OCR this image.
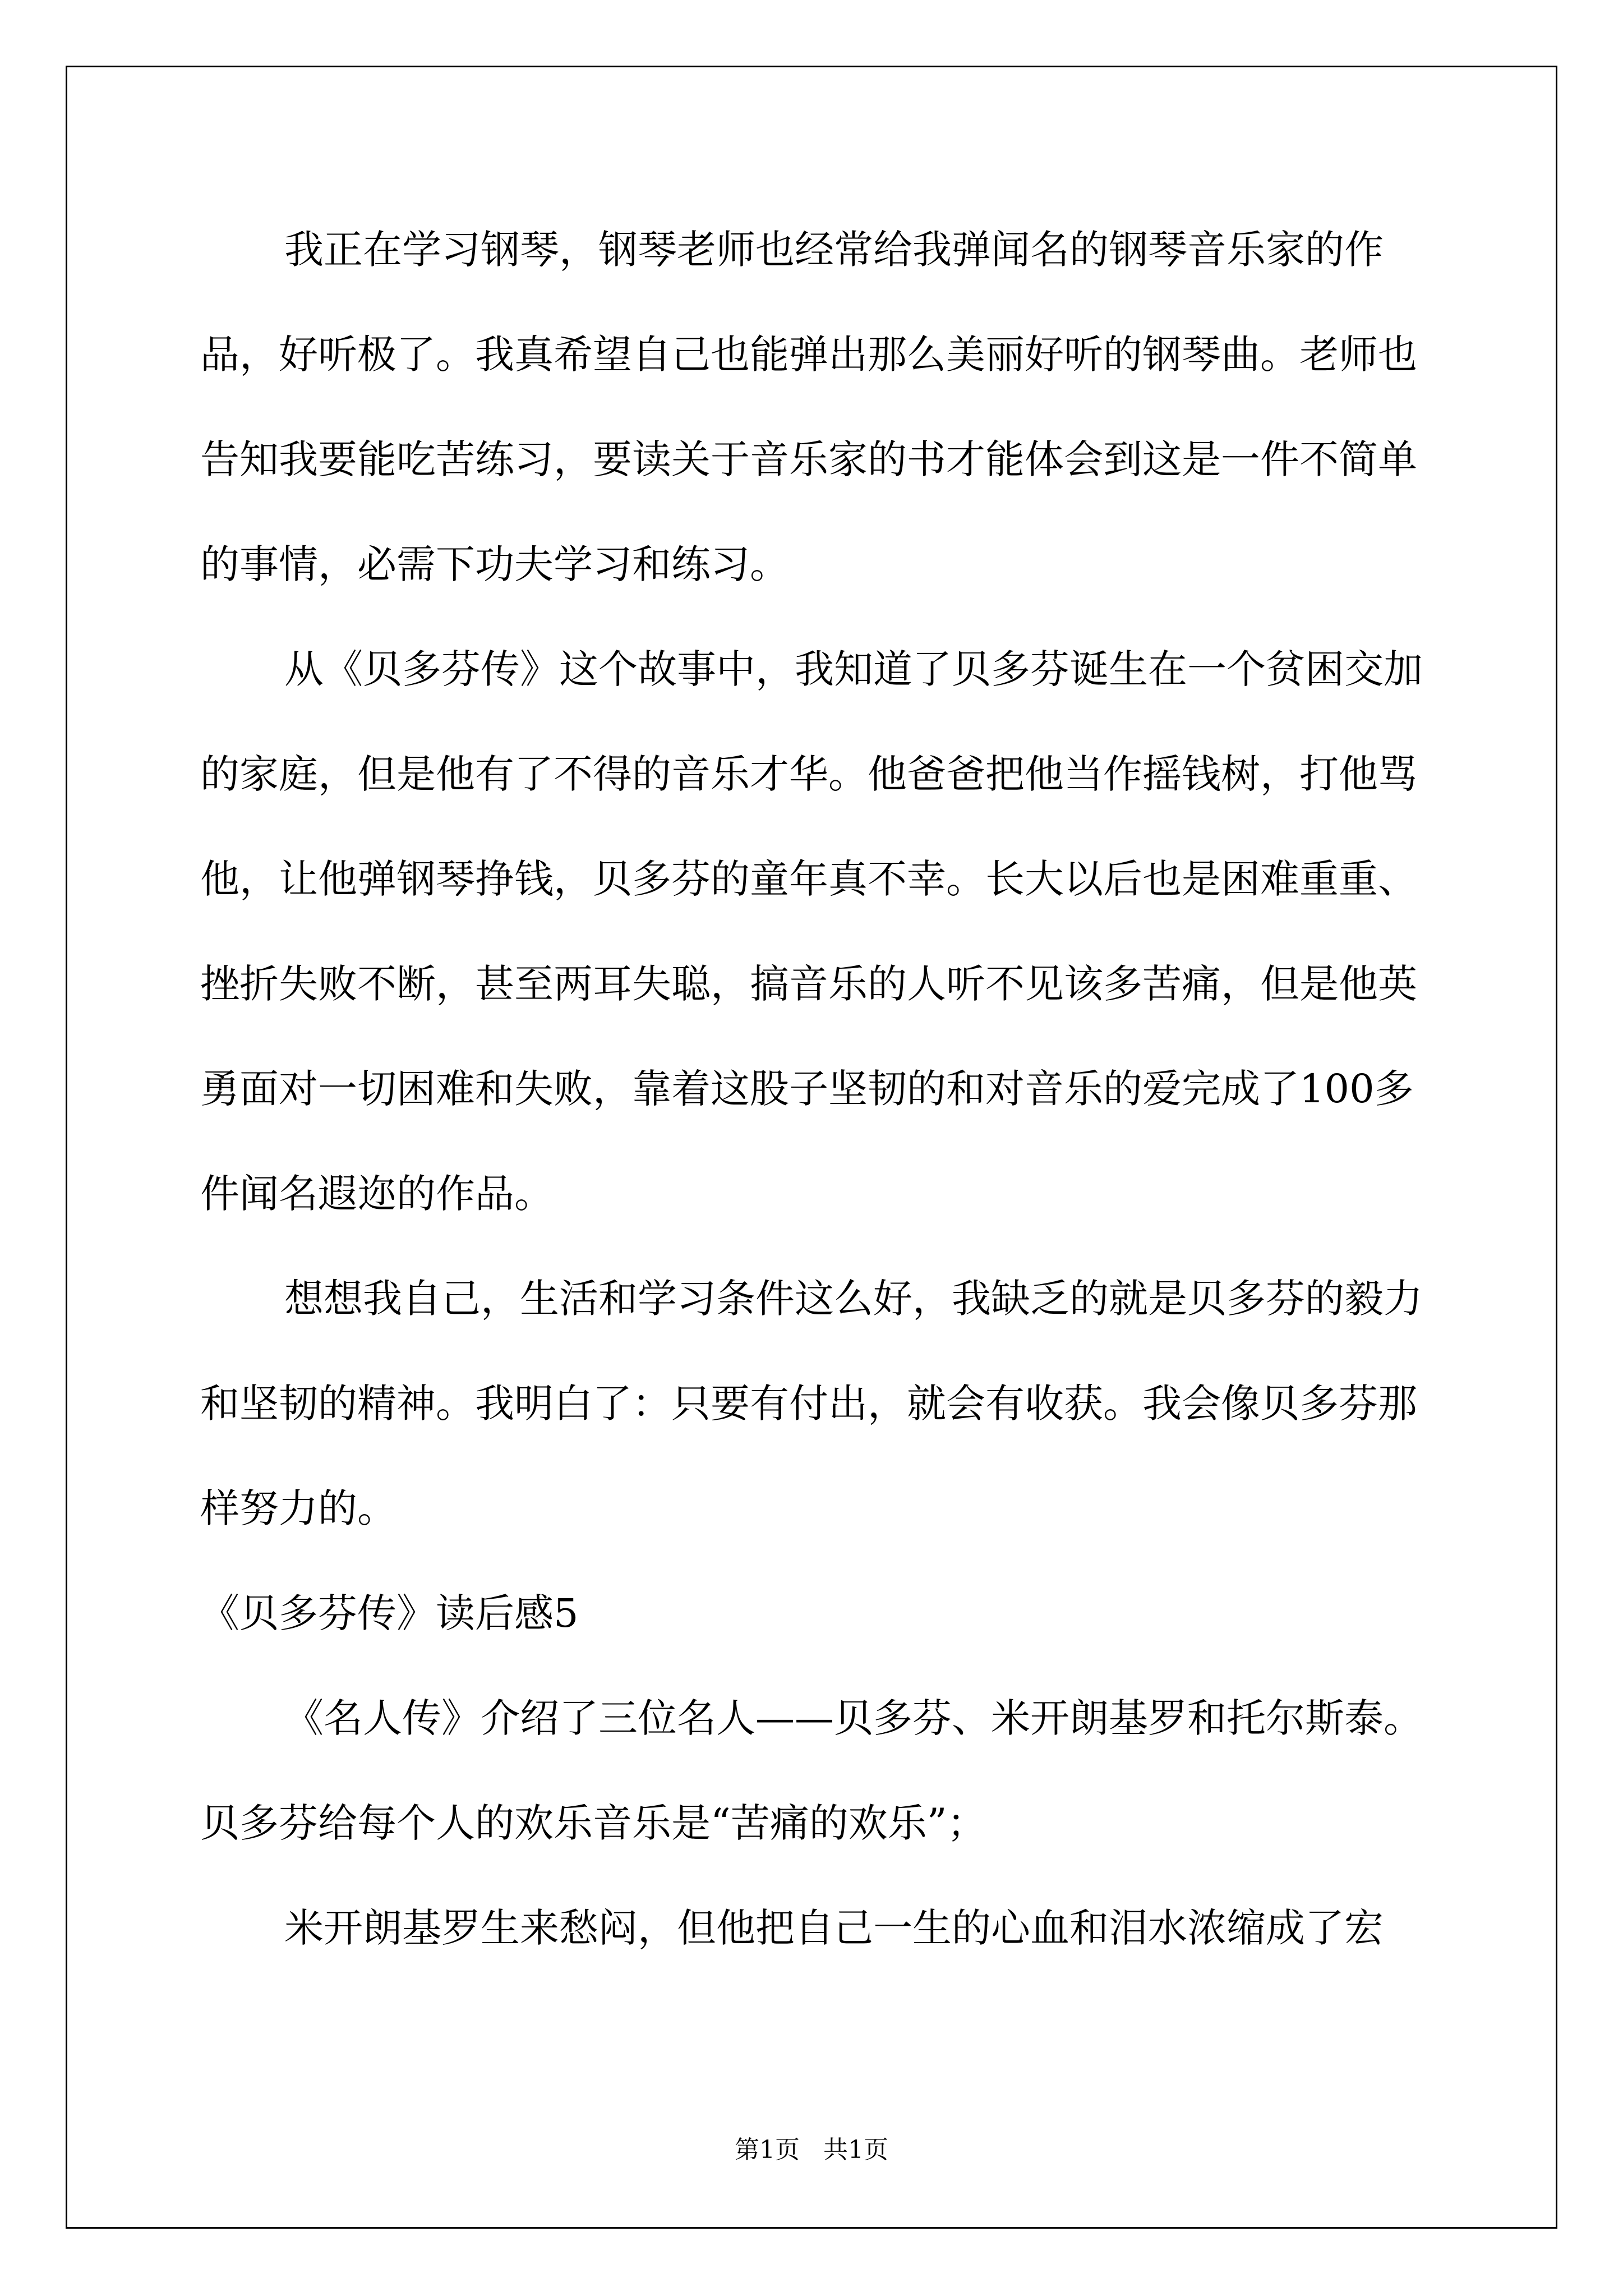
我正在学习钢琴，钢琴老师也经常给我弹闻名的钢琴音乐家的作品，好听极了。我真希望自己也能弹出那么美丽好听的钢琴曲。老师也告知我要能吃苦练习，要读关于音乐家的书才能体会到这是一件不简单的事情，必需下功夫学习和练习。

从《贝多芬传》这个故事中，我知道了贝多芬诞生在一个贫困交加的家庭，但是他有了不得的音乐才华。他爸爸把他当作摇钱树，打他骂他，让他弹钢琴挣钱，贝多芬的童年真不幸。长大以后也是困难重重、挫折失败不断，甚至两耳失聪，搞音乐的人听不见该多苦痛，但是他英勇面对一切困难和失败，靠着这股子坚韧的和对音乐的爱完成了100多件闻名遐迩的作品。

想想我自己，生活和学习条件这么好，我缺乏的就是贝多芬的毅力和坚韧的精神。我明白了：只要有付出，就会有收获。我会像贝多芬那样努力的。

《贝多芬传》读后感5

《名人传》介绍了三位名人——贝多芬、米开朗基罗和托尔斯泰。贝多芬给每个人的欢乐音乐是“苦痛的欢乐”；

米开朗基罗生来愁闷，但他把自己一生的心血和泪水浓缩成了宏

第1页 共1页
